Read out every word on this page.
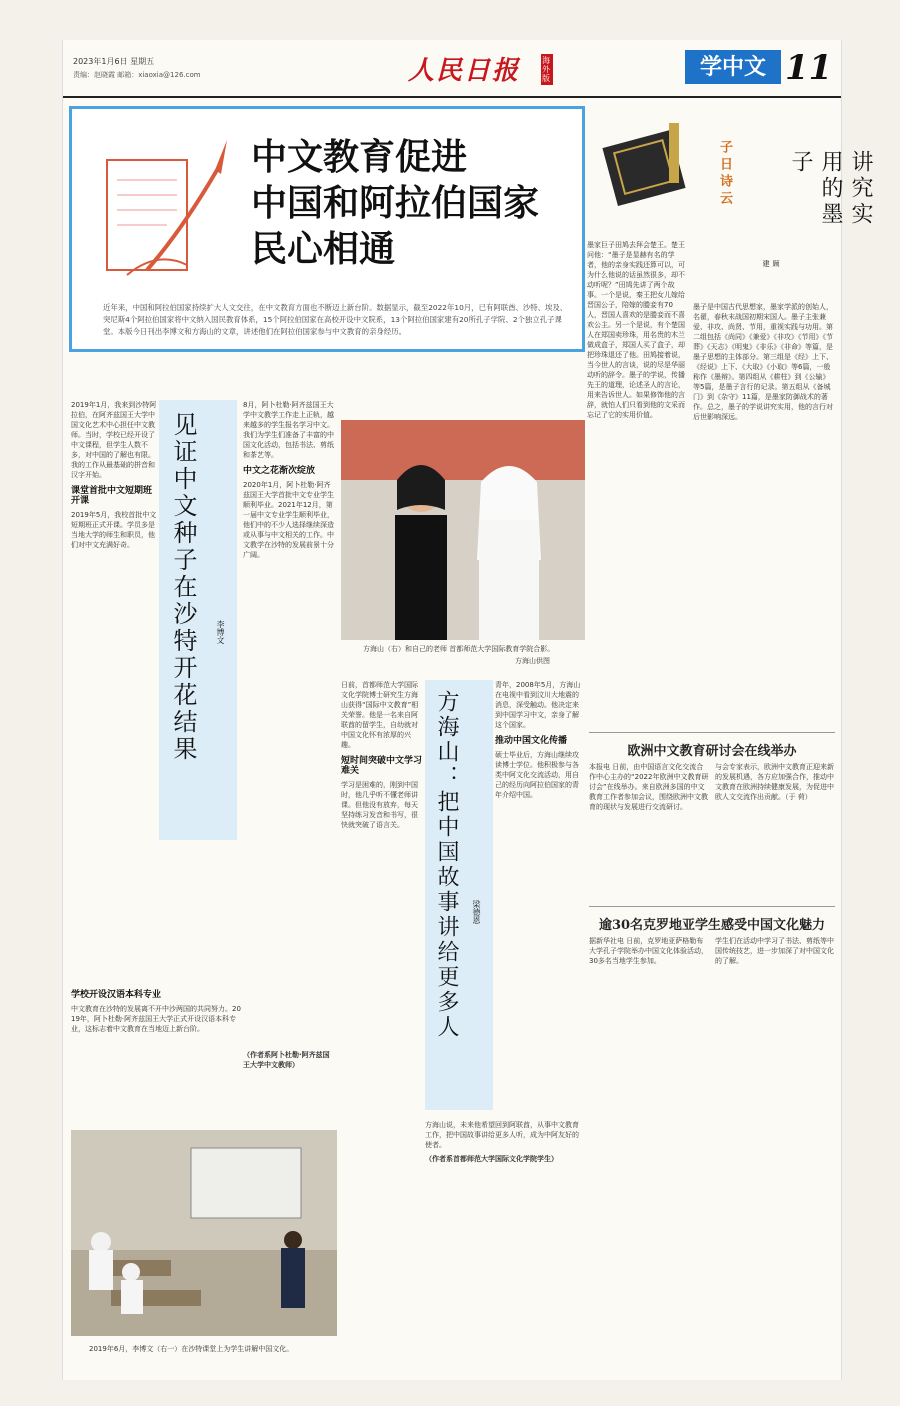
2023年1月6日 星期五
责编：赵晓霞 邮箱：xiaoxia@126.com	人民日报	海外版	学中文 11
中文教育促进
中国和阿拉伯国家
民心相通
近年来，中国和阿拉伯国家持续扩大人文交往，在中文教育方面也不断迈上新台阶。数据显示，截至2022年10月，已有阿联酋、沙特、埃及、突尼斯4个阿拉伯国家将中文纳入国民教育体系，15个阿拉伯国家在高校开设中文院系，13个阿拉伯国家建有20所孔子学院、2个独立孔子课堂。本版今日刊出李博文和方海山的文章，讲述他们在阿拉伯国家参与中文教育的亲身经历。
子日诗云	讲究实用的墨子
顾 建
墨家巨子田鸠去拜会楚王。楚王问他：“墨子是显赫有名的学者，他的亲身实践还算可以，可为什么他说的话虽然很多，却不动听呢？”田鸠先讲了两个故事。一个是说，秦王把女儿嫁给晋国公子，陪嫁的媵妾有70人，晋国人喜欢的是媵妾而不喜欢公主。另一个是说，有个楚国人在郑国卖珍珠，用名贵的木兰做成盒子，郑国人买了盒子，却把珍珠退还了他。田鸠接着说，当今世人的言谈，说的尽是华丽动听的辞令。墨子的学说，传播先王的道理，论述圣人的言论，用来告诉世人。如果修饰他的言辞，就怕人们只看到他的文采而忘记了它的实用价值。
墨子是中国古代思想家，墨家学派的创始人，名翟，春秋末战国初期宋国人。墨子主张兼爱、非攻、尚贤、节用，重视实践与功用。第二组包括《尚同》《兼爱》《非攻》《节用》《节葬》《天志》《明鬼》《非乐》《非命》等篇，是墨子思想的主体部分。第三组是《经》上下、《经说》上下、《大取》《小取》等6篇，一般称作《墨辩》。第四组从《耕柱》到《公输》等5篇，是墨子言行的记录。第五组从《备城门》到《杂守》11篇，是墨家防御战术的著作。总之，墨子的学说讲究实用，他的言行对后世影响深远。
2019年1月，我来到沙特阿拉伯，在阿齐兹国王大学中国文化艺术中心担任中文教师。当时，学校已经开设了中文课程，但学生人数不多，对中国的了解也有限。我的工作从最基础的拼音和汉字开始。
课堂首批中文短期班开课
2019年5月，我校首批中文短期班正式开课。学员多是当地大学的师生和职员，他们对中文充满好奇。	见证中文种子在沙特开花结果 李博文
8月，阿卜杜勒·阿齐兹国王大学中文教学工作走上正轨，越来越多的学生报名学习中文。我们为学生们准备了丰富的中国文化活动，包括书法、剪纸和茶艺等。
中文之花渐次绽放
2020年1月，阿卜杜勒·阿齐兹国王大学首批中文专业学生顺利毕业。2021年12月，第一届中文专业学生顺利毕业，他们中的不少人选择继续深造或从事与中文相关的工作。中文教学在沙特的发展前景十分广阔。
学校开设汉语本科专业
中文教育在沙特的发展离不开中沙两国的共同努力。2019年，阿卜杜勒·阿齐兹国王大学正式开设汉语本科专业，这标志着中文教育在当地迈上新台阶。
（作者系阿卜杜勒·阿齐兹国王大学中文教师）
2019年6月，李博文（右一）在沙特课堂上为学生讲解中国文化。
方海山（右）和自己的老师 首都师范大学国际教育学院合影。
方海山供图
日前，首都师范大学国际文化学院博士研究生方海山获得“国际中文教育”相关荣誉。他是一名来自阿联酋的留学生，自幼就对中国文化怀有浓厚的兴趣。
短时间突破中文学习难关
学习是困难的，刚到中国时，他几乎听不懂老师讲课。但他没有放弃，每天坚持练习发音和书写，很快就突破了语言关。	方海山：把中国故事讲给更多人 梁德恩
青年，2008年5月，方海山在电视中看到汶川大地震的消息，深受触动。他决定来到中国学习中文，亲身了解这个国家。
推动中国文化传播
硕士毕业后，方海山继续攻读博士学位。他积极参与各类中阿文化交流活动，用自己的经历向阿拉伯国家的青年介绍中国。
方海山说，未来他希望回到阿联酋，从事中文教育工作，把中国故事讲给更多人听，成为中阿友好的使者。
（作者系首都师范大学国际文化学院学生）
欧洲中文教育研讨会在线举办
本报电 日前，由中国语言文化交流合作中心主办的“2022年欧洲中文教育研讨会”在线举办。来自欧洲多国的中文教育工作者参加会议，围绕欧洲中文教育的现状与发展进行交流研讨。
与会专家表示，欧洲中文教育正迎来新的发展机遇，各方应加强合作，推动中文教育在欧洲持续健康发展，为促进中欧人文交流作出贡献。（于 荷）
逾30名克罗地亚学生感受中国文化魅力
据新华社电 日前，克罗地亚萨格勒布大学孔子学院举办中国文化体验活动，30多名当地学生参加。
学生们在活动中学习了书法、剪纸等中国传统技艺，进一步加深了对中国文化的了解。
